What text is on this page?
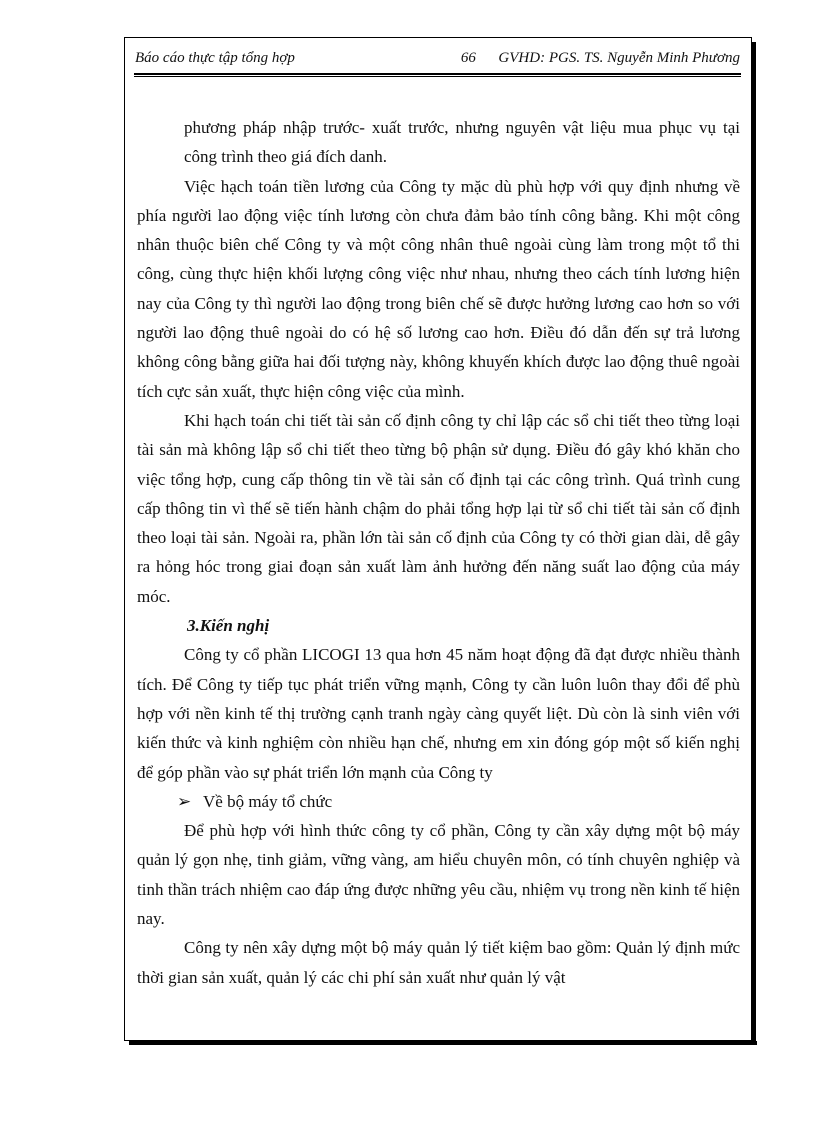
Báo cáo thực tập tổng hợp	66 GVHD: PGS. TS. Nguyễn Minh Phương

phương pháp nhập trước- xuất trước, nhưng nguyên vật liệu mua phục vụ tại công trình theo giá đích danh.

Việc hạch toán tiền lương của Công ty mặc dù phù hợp với quy định nhưng về phía người lao động việc tính lương còn chưa đảm bảo tính công bằng. Khi một công nhân thuộc biên chế Công ty và một công nhân thuê ngoài cùng làm trong một tổ thi công, cùng thực hiện khối lượng công việc như nhau, nhưng theo cách tính lương hiện nay của Công ty thì người lao động trong biên chế sẽ được hưởng lương cao hơn so với người lao động thuê ngoài do có hệ số lương cao hơn. Điều đó dẫn đến sự trả lương không công bằng giữa hai đối tượng này, không khuyến khích được lao động thuê ngoài tích cực sản xuất, thực hiện công việc của mình.

Khi hạch toán chi tiết tài sản cố định công ty chỉ lập các sổ chi tiết theo từng loại tài sản mà không lập sổ chi tiết theo từng bộ phận sử dụng. Điều đó gây khó khăn cho việc tổng hợp, cung cấp thông tin về tài sản cố định tại các công trình. Quá trình cung cấp thông tin vì thế sẽ tiến hành chậm do phải tổng hợp lại từ sổ chi tiết tài sản cố định theo loại tài sản. Ngoài ra, phần lớn tài sản cố định của Công ty có thời gian dài, dễ gây ra hỏng hóc trong giai đoạn sản xuất làm ảnh hưởng đến năng suất lao động của máy móc.

3.Kiến nghị

Công ty cổ phần LICOGI 13 qua hơn 45 năm hoạt động đã đạt được nhiều thành tích. Để Công ty tiếp tục phát triển vững mạnh, Công ty cần luôn luôn thay đổi để phù hợp với nền kinh tế thị trường cạnh tranh ngày càng quyết liệt. Dù còn là sinh viên với kiến thức và kinh nghiệm còn nhiều hạn chế, nhưng em xin đóng góp một số kiến nghị để góp phần vào sự phát triển lớn mạnh của Công ty

➢ Về bộ máy tổ chức

Để phù hợp với hình thức công ty cổ phần, Công ty cần xây dựng một bộ máy quản lý gọn nhẹ, tinh giảm, vững vàng, am hiểu chuyên môn, có tính chuyên nghiệp và tinh thần trách nhiệm cao đáp ứng được những yêu cầu, nhiệm vụ trong nền kinh tế hiện nay.

Công ty nên xây dựng một bộ máy quản lý tiết kiệm bao gồm: Quản lý định mức thời gian sản xuất, quản lý các chi phí sản xuất như quản lý vật
